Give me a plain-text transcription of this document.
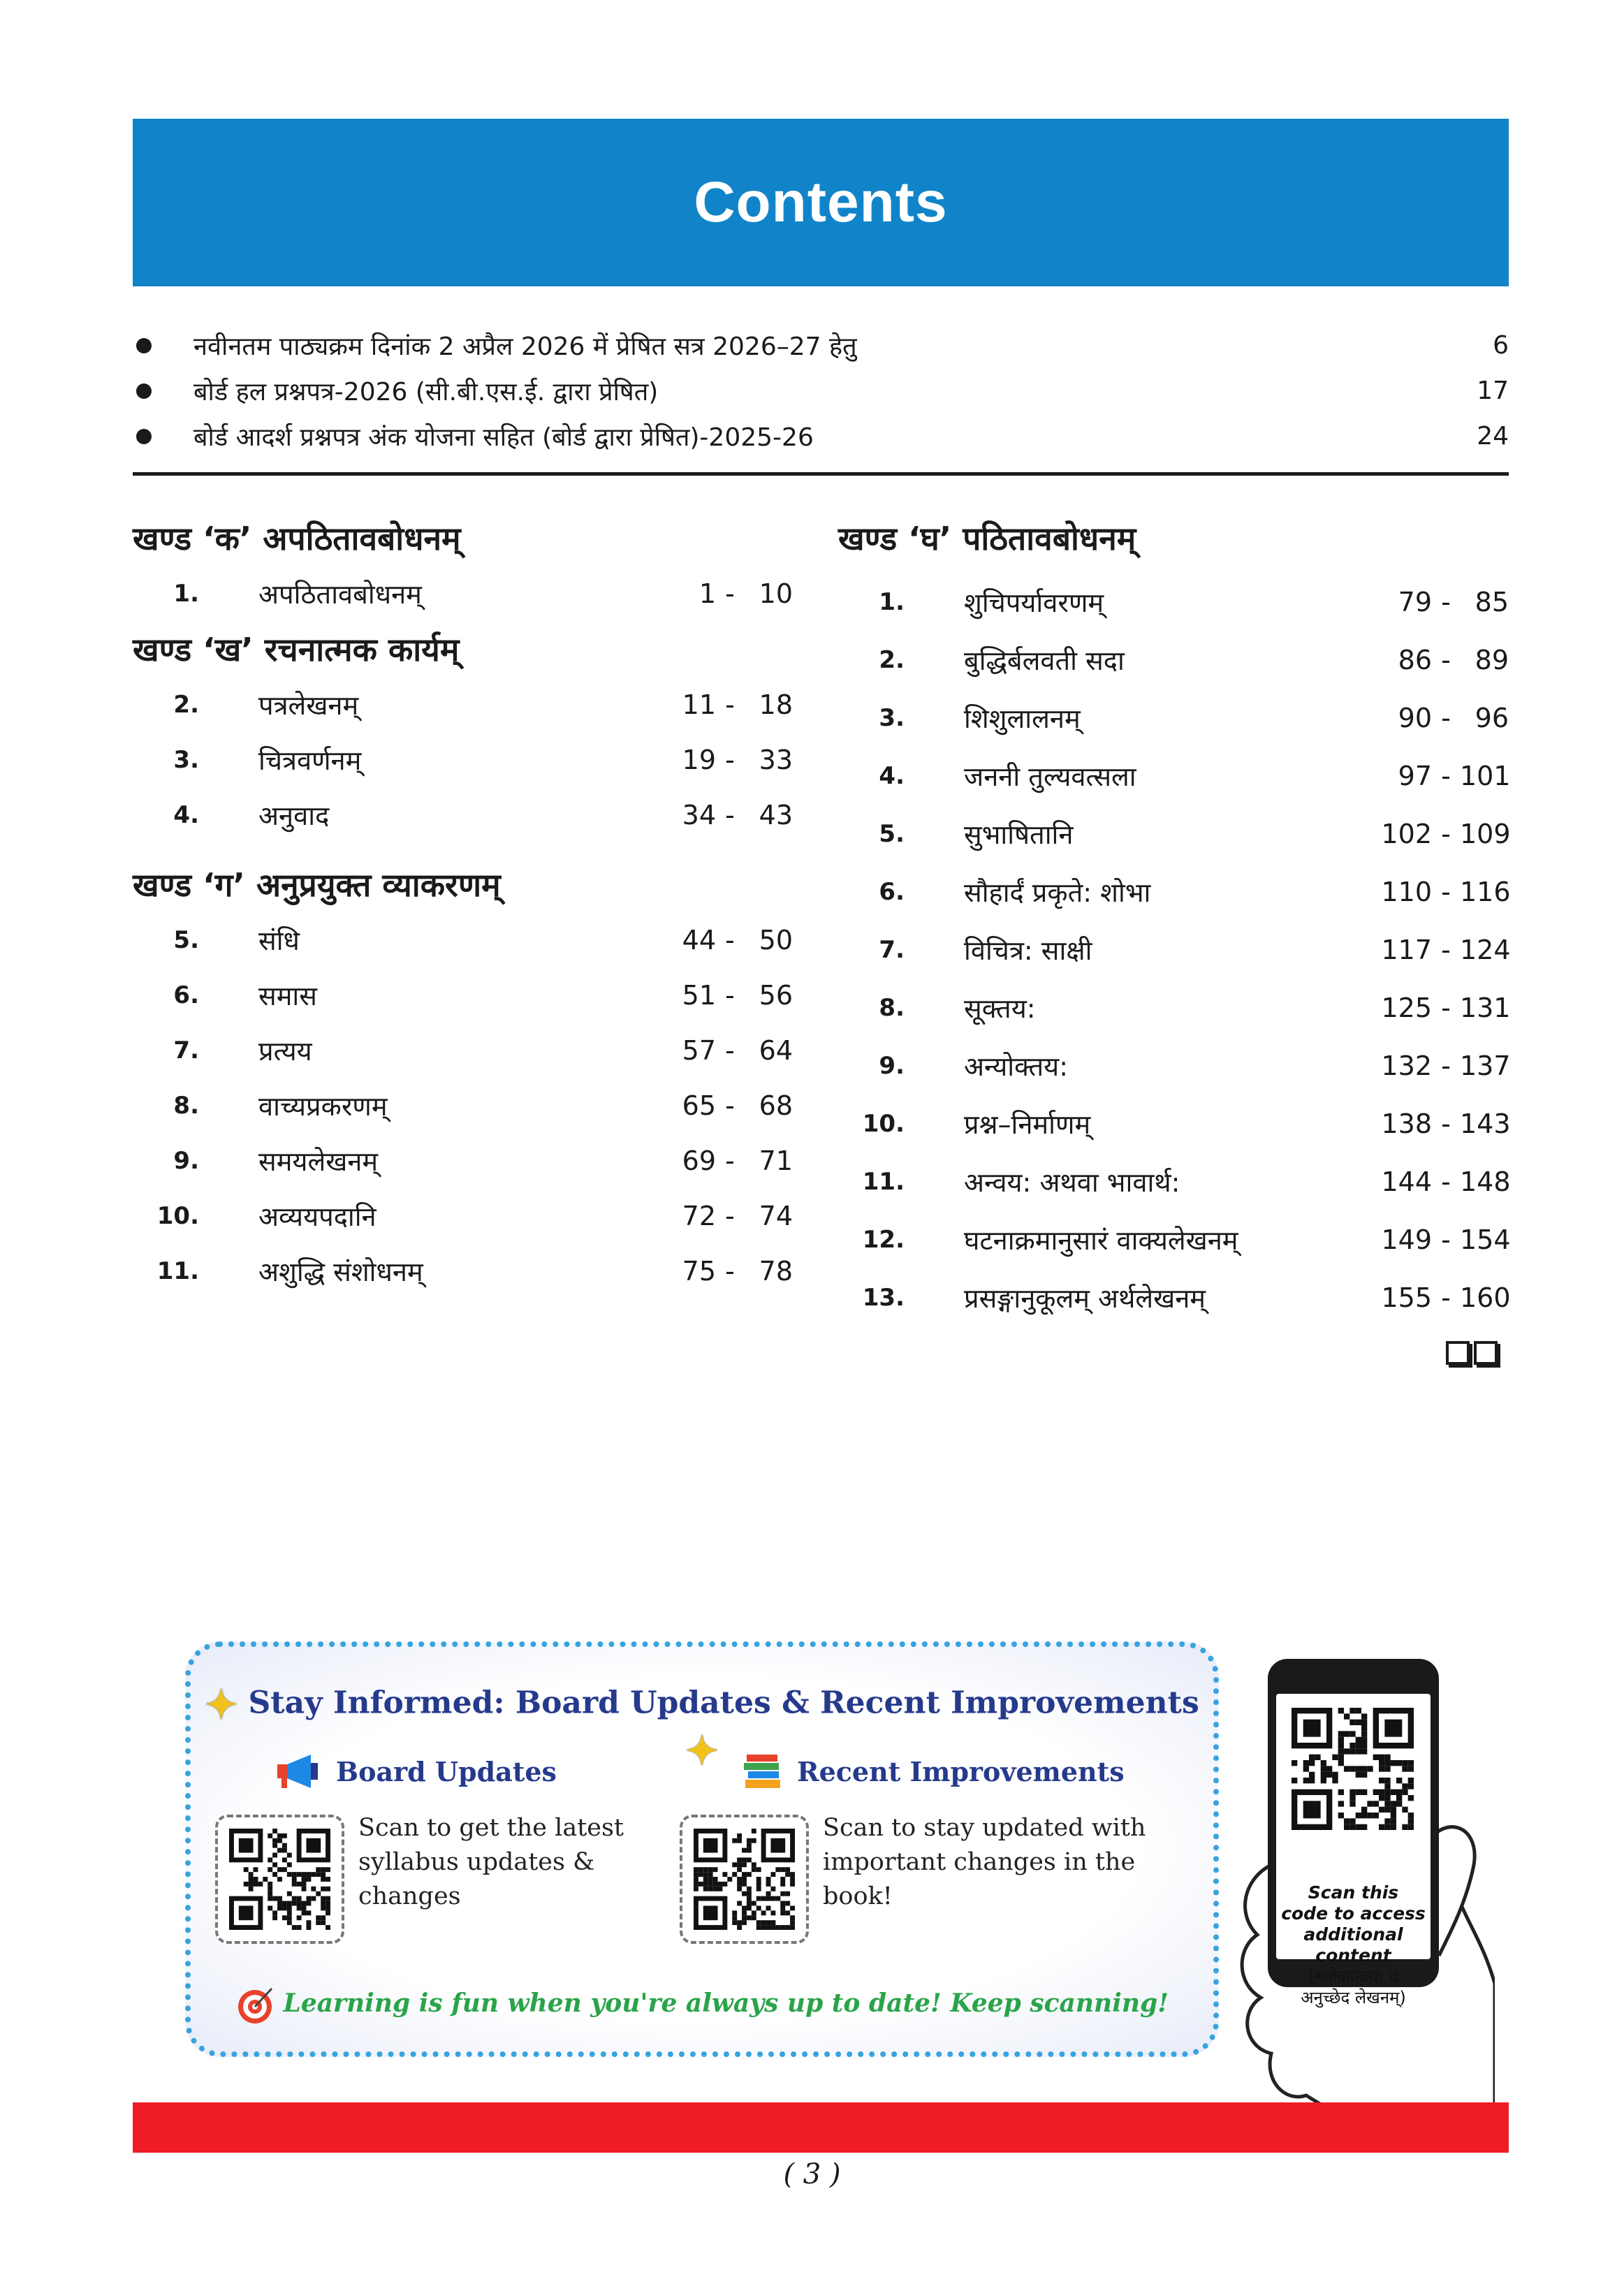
Contents
नवीनतम पाठ्यक्रम दिनांक 2 अप्रैल 2026 में प्रेषित सत्र 2026–27 हेतु	6
बोर्ड हल प्रश्नपत्र-2026 (सी.बी.एस.ई. द्वारा प्रेषित)	17
बोर्ड आदर्श प्रश्नपत्र अंक योजना सहित (बोर्ड द्वारा प्रेषित)-2025-26	24
खण्ड ‘क’ अपठितावबोधनम्
1.	अपठितावबोधनम्	1 - 10
खण्ड ‘ख’ रचनात्मक कार्यम्
2.	पत्रलेखनम्	11 - 18
3.	चित्रवर्णनम्	19 - 33
4.	अनुवाद	34 - 43
खण्ड ‘ग’ अनुप्रयुक्त व्याकरणम्
5.	संधि	44 - 50
6.	समास	51 - 56
7.	प्रत्यय	57 - 64
8.	वाच्यप्रकरणम्	65 - 68
9.	समयलेखनम्	69 - 71
10.	अव्ययपदानि	72 - 74
11.	अशुद्धि संशोधनम्	75 - 78
खण्ड ‘घ’ पठितावबोधनम्
1.	शुचिपर्यावरणम्	79 - 85
2.	बुद्धिर्बलवती सदा	86 - 89
3.	शिशुलालनम्	90 - 96
4.	जननी तुल्यवत्सला	97 - 101
5.	सुभाषितानि	102 - 109
6.	सौहार्दं प्रकृते: शोभा	110 - 116
7.	विचित्र: साक्षी	117 - 124
8.	सूक्तय:	125 - 131
9.	अन्योक्तय:	132 - 137
10.	प्रश्न–निर्माणम्	138 - 143
11.	अन्वय: अथवा भावार्थ:	144 - 148
12.	घटनाक्रमानुसारं वाक्यलेखनम्	149 - 154
13.	प्रसङ्गानुकूलम् अर्थलेखनम्	155 - 160
✦ Stay Informed: Board Updates & Recent Improvements ✦
Board Updates	Recent Improvements
Scan to get the latest
syllabus updates &
changes
Scan to stay updated with
important changes in the
book!
Learning is fun when you're always up to date! Keep scanning!
Scan this
code to access
additional
content
(श्लोकान्वय: व
अनुच्छेद लेखनम्)
( 3 )
